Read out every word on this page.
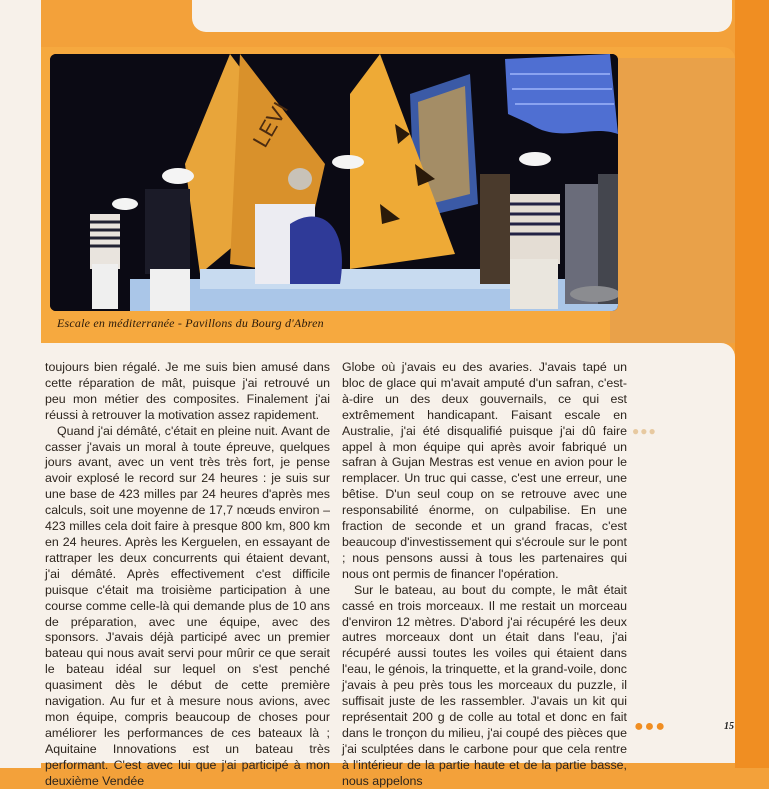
LEVI
Escale en méditerranée - Pavillons du Bourg d'Abren

toujours bien régalé. Je me suis bien amusé dans cette réparation de mât, puisque j'ai retrouvé un peu mon métier des composites. Finalement j'ai réussi à retrouver la motivation assez rapidement.

Quand j'ai démâté, c'était en pleine nuit. Avant de casser j'avais un moral à toute épreuve, quelques jours avant, avec un vent très très fort, je pense avoir explosé le record sur 24 heures : je suis sur une base de 423 milles par 24 heures d'après mes calculs, soit une moyenne de 17,7 nœuds environ – 423 milles cela doit faire à presque 800 km, 800 km en 24 heures. Après les Kerguelen, en essayant de rattraper les deux concurrents qui étaient devant, j'ai démâté. Après effectivement c'est difficile puisque c'était ma troisième participation à une course comme celle-là qui demande plus de 10 ans de préparation, avec une équipe, avec des sponsors. J'avais déjà participé avec un premier bateau qui nous avait servi pour mûrir ce que serait le bateau idéal sur lequel on s'est penché quasiment dès le début de cette première navigation. Au fur et à mesure nous avions, avec mon équipe, compris beaucoup de choses pour améliorer les performances de ces bateaux là ; Aquitaine Innovations est un bateau très performant. C'est avec lui que j'ai participé à mon deuxième Vendée

Globe où j'avais eu des avaries. J'avais tapé un bloc de glace qui m'avait amputé d'un safran, c'est-à-dire un des deux gouvernails, ce qui est extrêmement handicapant. Faisant escale en Australie, j'ai été disqualifié puisque j'ai dû faire appel à mon équipe qui après avoir fabriqué un safran à Gujan Mestras est venue en avion pour le remplacer. Un truc qui casse, c'est une erreur, une bêtise. D'un seul coup on se retrouve avec une responsabilité énorme, on culpabilise. En une fraction de seconde et un grand fracas, c'est beaucoup d'investissement qui s'écroule sur le pont ; nous pensons aussi à tous les partenaires qui nous ont permis de financer l'opération.

Sur le bateau, au bout du compte, le mât était cassé en trois morceaux. Il me restait un morceau d'environ 12 mètres. D'abord j'ai récupéré les deux autres morceaux dont un était dans l'eau, j'ai récupéré aussi toutes les voiles qui étaient dans l'eau, le génois, la trinquette, et la grand-voile, donc j'avais à peu près tous les morceaux du puzzle, il suffisait juste de les rassembler. J'avais un kit qui représentait 200 g de colle au total et donc en fait dans le tronçon du milieu, j'ai coupé des pièces que j'ai sculptées dans le carbone pour que cela rentre à l'intérieur de la partie haute et de la partie basse, nous appelons

●●●
●●●	15
